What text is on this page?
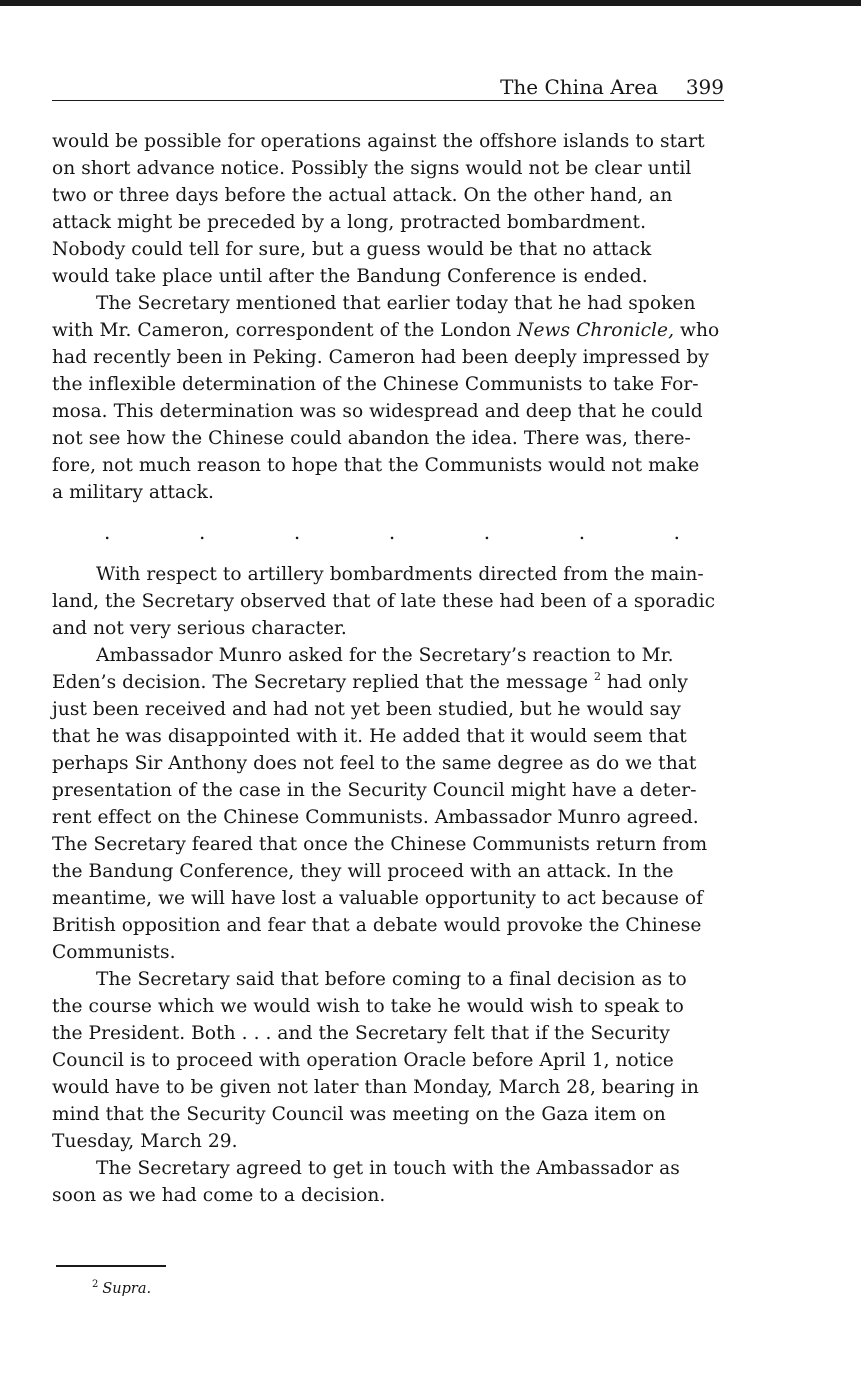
The China Area 399

would be possible for operations against the offshore islands to start
on short advance notice. Possibly the signs would not be clear until
two or three days before the actual attack. On the other hand, an
attack might be preceded by a long, protracted bombardment.
Nobody could tell for sure, but a guess would be that no attack
would take place until after the Bandung Conference is ended.

The Secretary mentioned that earlier today that he had spoken
with Mr. Cameron, correspondent of the London News Chronicle, who
had recently been in Peking. Cameron had been deeply impressed by
the inflexible determination of the Chinese Communists to take For-
mosa. This determination was so widespread and deep that he could
not see how the Chinese could abandon the idea. There was, there-
fore, not much reason to hope that the Communists would not make
a military attack.

.	.	.	.	.	.	.

With respect to artillery bombardments directed from the main-
land, the Secretary observed that of late these had been of a sporadic
and not very serious character.

Ambassador Munro asked for the Secretary’s reaction to Mr.
Eden’s decision. The Secretary replied that the message $^2$ had only
just been received and had not yet been studied, but he would say
that he was disappointed with it. He added that it would seem that
perhaps Sir Anthony does not feel to the same degree as do we that
presentation of the case in the Security Council might have a deter-
rent effect on the Chinese Communists. Ambassador Munro agreed.
The Secretary feared that once the Chinese Communists return from
the Bandung Conference, they will proceed with an attack. In the
meantime, we will have lost a valuable opportunity to act because of
British opposition and fear that a debate would provoke the Chinese
Communists.

The Secretary said that before coming to a final decision as to
the course which we would wish to take he would wish to speak to
the President. Both . . . and the Secretary felt that if the Security
Council is to proceed with operation Oracle before April 1, notice
would have to be given not later than Monday, March 28, bearing in
mind that the Security Council was meeting on the Gaza item on
Tuesday, March 29.

The Secretary agreed to get in touch with the Ambassador as
soon as we had come to a decision.

$^2$ Supra.
